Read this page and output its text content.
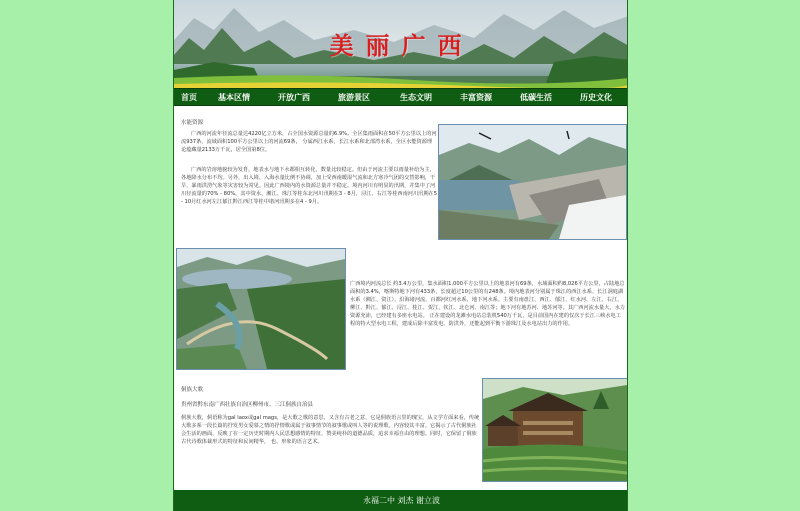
美丽广西
首页	基本区情	开放广西	旅游景区	生态文明	丰富资源	低碳生活	历史文化
水能资源
广西的河流年径流总量达4220亿立方米，占全国水资源总量的6.9%。全区集雨面积在50平方公里以上的河 流937条，流域面积100平方公里以上的河流69条， 分属西江水系，长江水系和北部湾水系，全区水能资源理论蕴藏量2133万千瓦，居全国第8位。
广西的岩溶地貌较为发育，地表水与地下水都相互转化，数量比较稳定。但由于河流主要以雨量补给为主，各地降水分布不均。另外，出入境、入海水量比例不协调，加上受西南暖湿气流和北方寒冷气团的交替影响，干旱、暴雨洪涝气象等灾害较为常见。因此广西境内的水资源总量并不稳定。境内河川有明显的汛期，并集中了河川径流量的70% - 80%，其中资水、湘江、珠江等桂东北河川汛期在3 - 8月，浔江、右江等桂西南河川汛期在5 - 10月红水河左江郁江黔江西江等桂中诸河汛期多在4 - 9月。
广西境内河流总长 约3.4万公里，集水面积1,000平方公里以上的地表河有69条，水域面积约8,026平方公里，占陆地总面积的3.4%，喀斯特地下河有433条，长度超过10公里的有248条。境内地表河分别属于珠江的西江水系、长江洞庭湖水系（湘江、资江）、沿海诸河流、百都河红河水系，地下河水系。主要有南盘江、西江、郁江、红水河、左江、右江、柳江、黔江、郁江、浔江、桂江、贺江、钦江、北仑河、南江等；地下河有地苏河、地苏河等。其广西河流水量大，水力资源充沛，已经建有多座水电站。 正在建设的龙滩水电站总装机540万千瓦，是目前国内在建的仅次于长江三峡水电工程的特大型水电工程，建成后除丰富发电、防洪外，还能起到平衡下游珠江及水电站出力的作用。
侗族大歌
贵州省黔东南广西壮族自治区柳州市、三江侗族自治县
侗族大歌，侗语称为gal laox或gal mags，是大歌之歌的意思，又含有古老之意，它是侗族语言里的瑰宝，从文学方面来看，传统大歌多系一段长篇的抒发男女爱慕之情的抒情歌或属于叙事情节的叙事歌或叫人等的说理歌，内容较其丰富。它揭示了古代侗族社会生活的画面，反映了在一定历史时期内人民思想感情的特征，赞美纯朴的道德品质，追求幸福自由的理想。同时，它保留了侗族古代诗歌体裁形式的特征和民间精华， 也、形象的语言艺术。
永福二中 刘杰 谢立波
